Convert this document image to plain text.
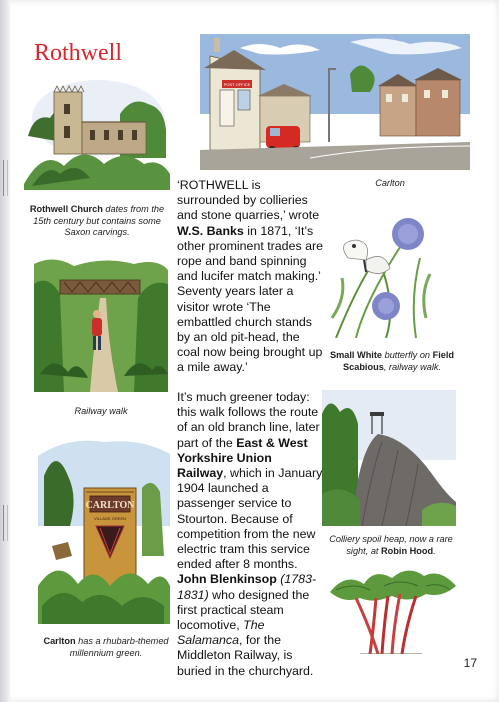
Rothwell
Rothwell Church dates from the 15th century but contains some Saxon carvings.
Railway walk
CARLTON
VILLAGE GREEN
Carlton has a rhubarb-themed millennium green.
POST OFFICE
Carlton
Small White butterfly on Field Scabious, railway walk.
Colliery spoil heap, now a rare sight, at Robin Hood.
‘ROTHWELL is surrounded by collieries and stone quarries,’ wrote W.S. Banks in 1871, ‘It’s other prominent trades are rope and band spinning and lucifer match making.’ Seventy years later a visitor wrote ‘The embattled church stands by an old pit-head, the coal now being brought up a mile away.’
It’s much greener today: this walk follows the route of an old branch line, later part of the East & West Yorkshire Union Railway, which in January 1904 launched a passenger service to Stourton. Because of competition from the new electric tram this service ended after 8 months. John Blenkinsop (1783-1831) who designed the first practical steam locomotive, The Salamanca, for the Middleton Railway, is buried in the churchyard.
17
